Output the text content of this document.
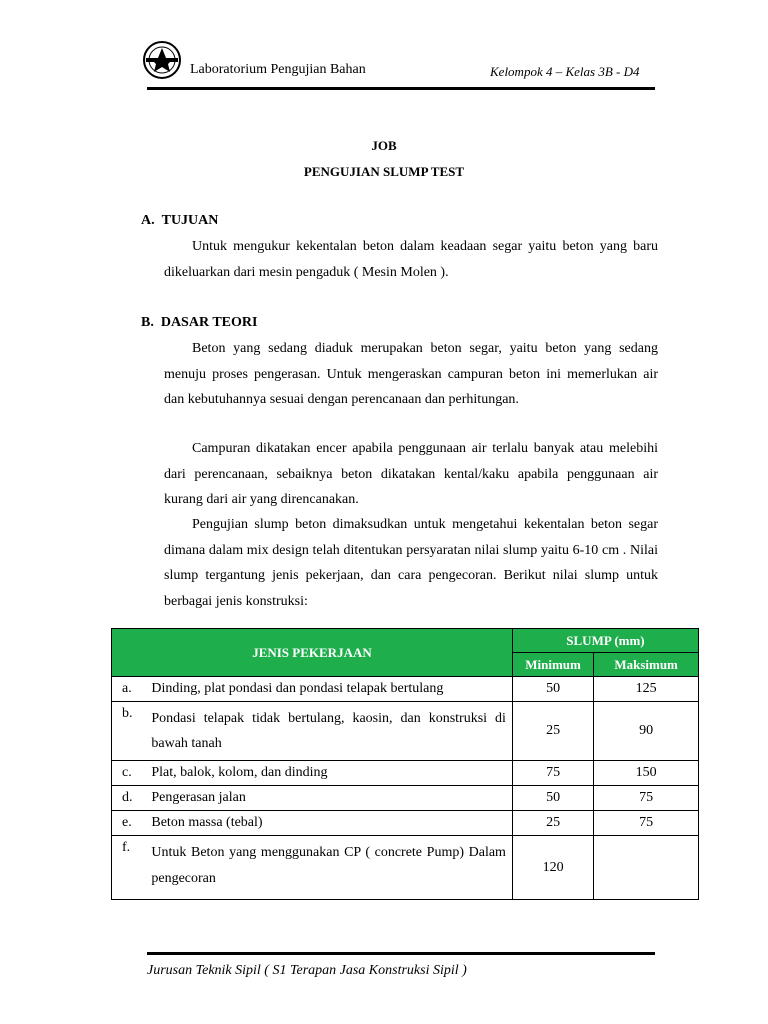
Laboratorium Pengujian Bahan	Kelompok 4 – Kelas 3B - D4
JOB
PENGUJIAN SLUMP TEST
A.  TUJUAN
Untuk mengukur kekentalan beton dalam keadaan segar yaitu beton yang baru dikeluarkan dari mesin pengaduk ( Mesin Molen ).
B.  DASAR TEORI
Beton yang sedang diaduk merupakan beton segar, yaitu beton yang sedang menuju proses pengerasan. Untuk mengeraskan campuran beton ini memerlukan air dan kebutuhannya sesuai dengan perencanaan dan perhitungan.
Campuran dikatakan encer apabila penggunaan air terlalu banyak atau melebihi dari perencanaan, sebaiknya beton dikatakan kental/kaku apabila penggunaan air kurang dari air yang direncanakan.
Pengujian slump beton dimaksudkan untuk mengetahui kekentalan beton segar dimana dalam mix design telah ditentukan persyaratan nilai slump yaitu 6-10 cm . Nilai slump tergantung jenis pekerjaan, dan cara pengecoran. Berikut nilai slump untuk berbagai jenis konstruksi:
JENIS PEKERJAAN		SLUMP (mm)	
		Minimum	Maksimum
a.	Dinding, plat pondasi dan pondasi telapak bertulang	50	125
b.	Pondasi telapak tidak bertulang, kaosin, dan konstruksi di bawah tanah	25	90
c.	Plat, balok, kolom, dan dinding	75	150
d.	Pengerasan jalan	50	75
e.	Beton massa (tebal)	25	75
f.	Untuk Beton yang menggunakan CP ( concrete Pump) Dalam pengecoran	120	
Jurusan Teknik Sipil ( S1 Terapan Jasa Konstruksi Sipil )
